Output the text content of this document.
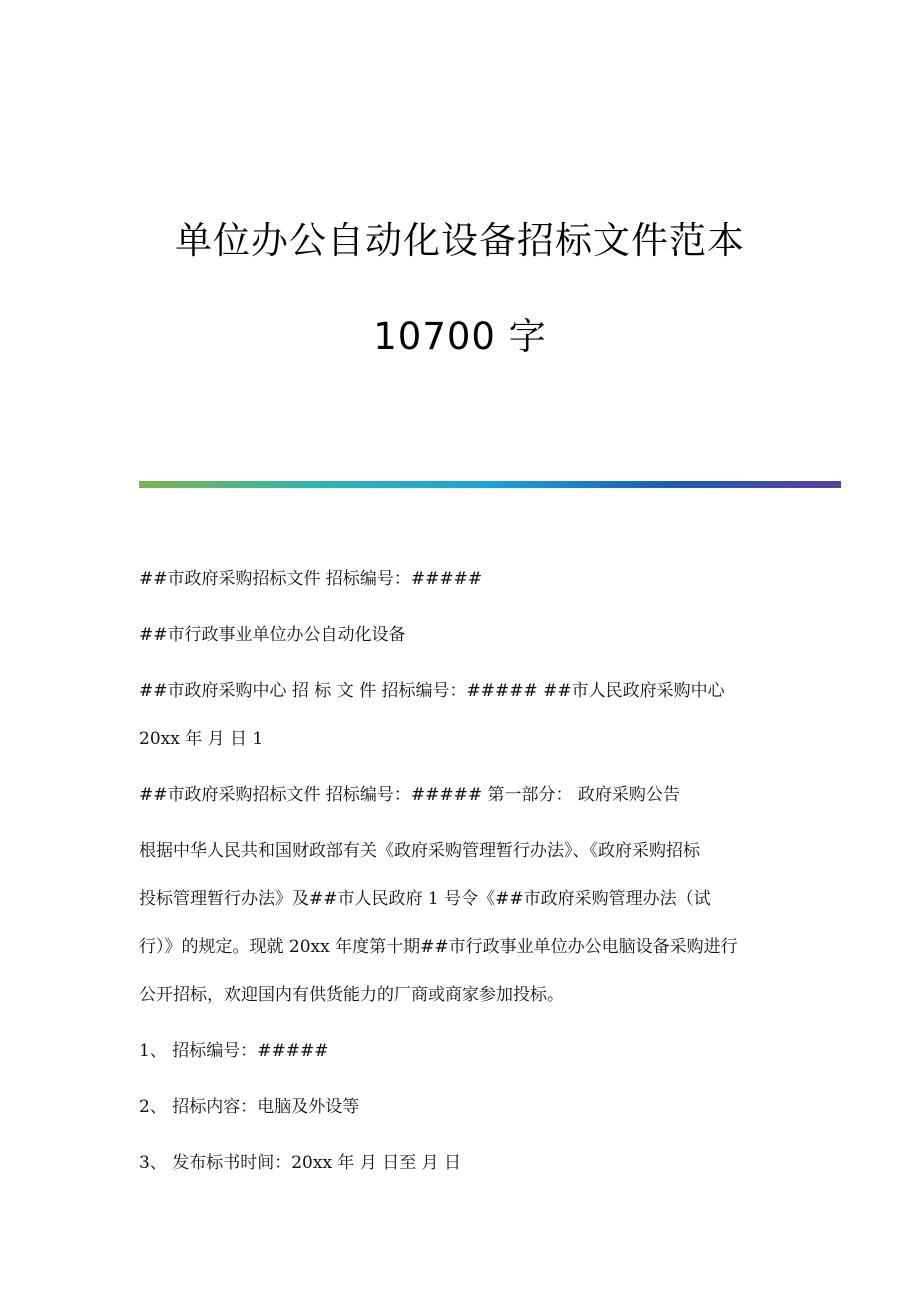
单位办公自动化设备招标文件范本
10700 字
##市政府采购招标文件 招标编号：#####
##市行政事业单位办公自动化设备
##市政府采购中心 招 标 文 件 招标编号：##### ##市人民政府采购中心
20xx 年 月 日 1
##市政府采购招标文件 招标编号：##### 第一部分： 政府采购公告
根据中华人民共和国财政部有关《政府采购管理暂行办法》、《政府采购招标
投标管理暂行办法》及##市人民政府 1 号令《##市政府采购管理办法（试
行）》的规定。现就 20xx 年度第十期##市行政事业单位办公电脑设备采购进行
公开招标，欢迎国内有供货能力的厂商或商家参加投标。
1、 招标编号：#####
2、 招标内容：电脑及外设等
3、 发布标书时间：20xx 年 月 日至 月 日
